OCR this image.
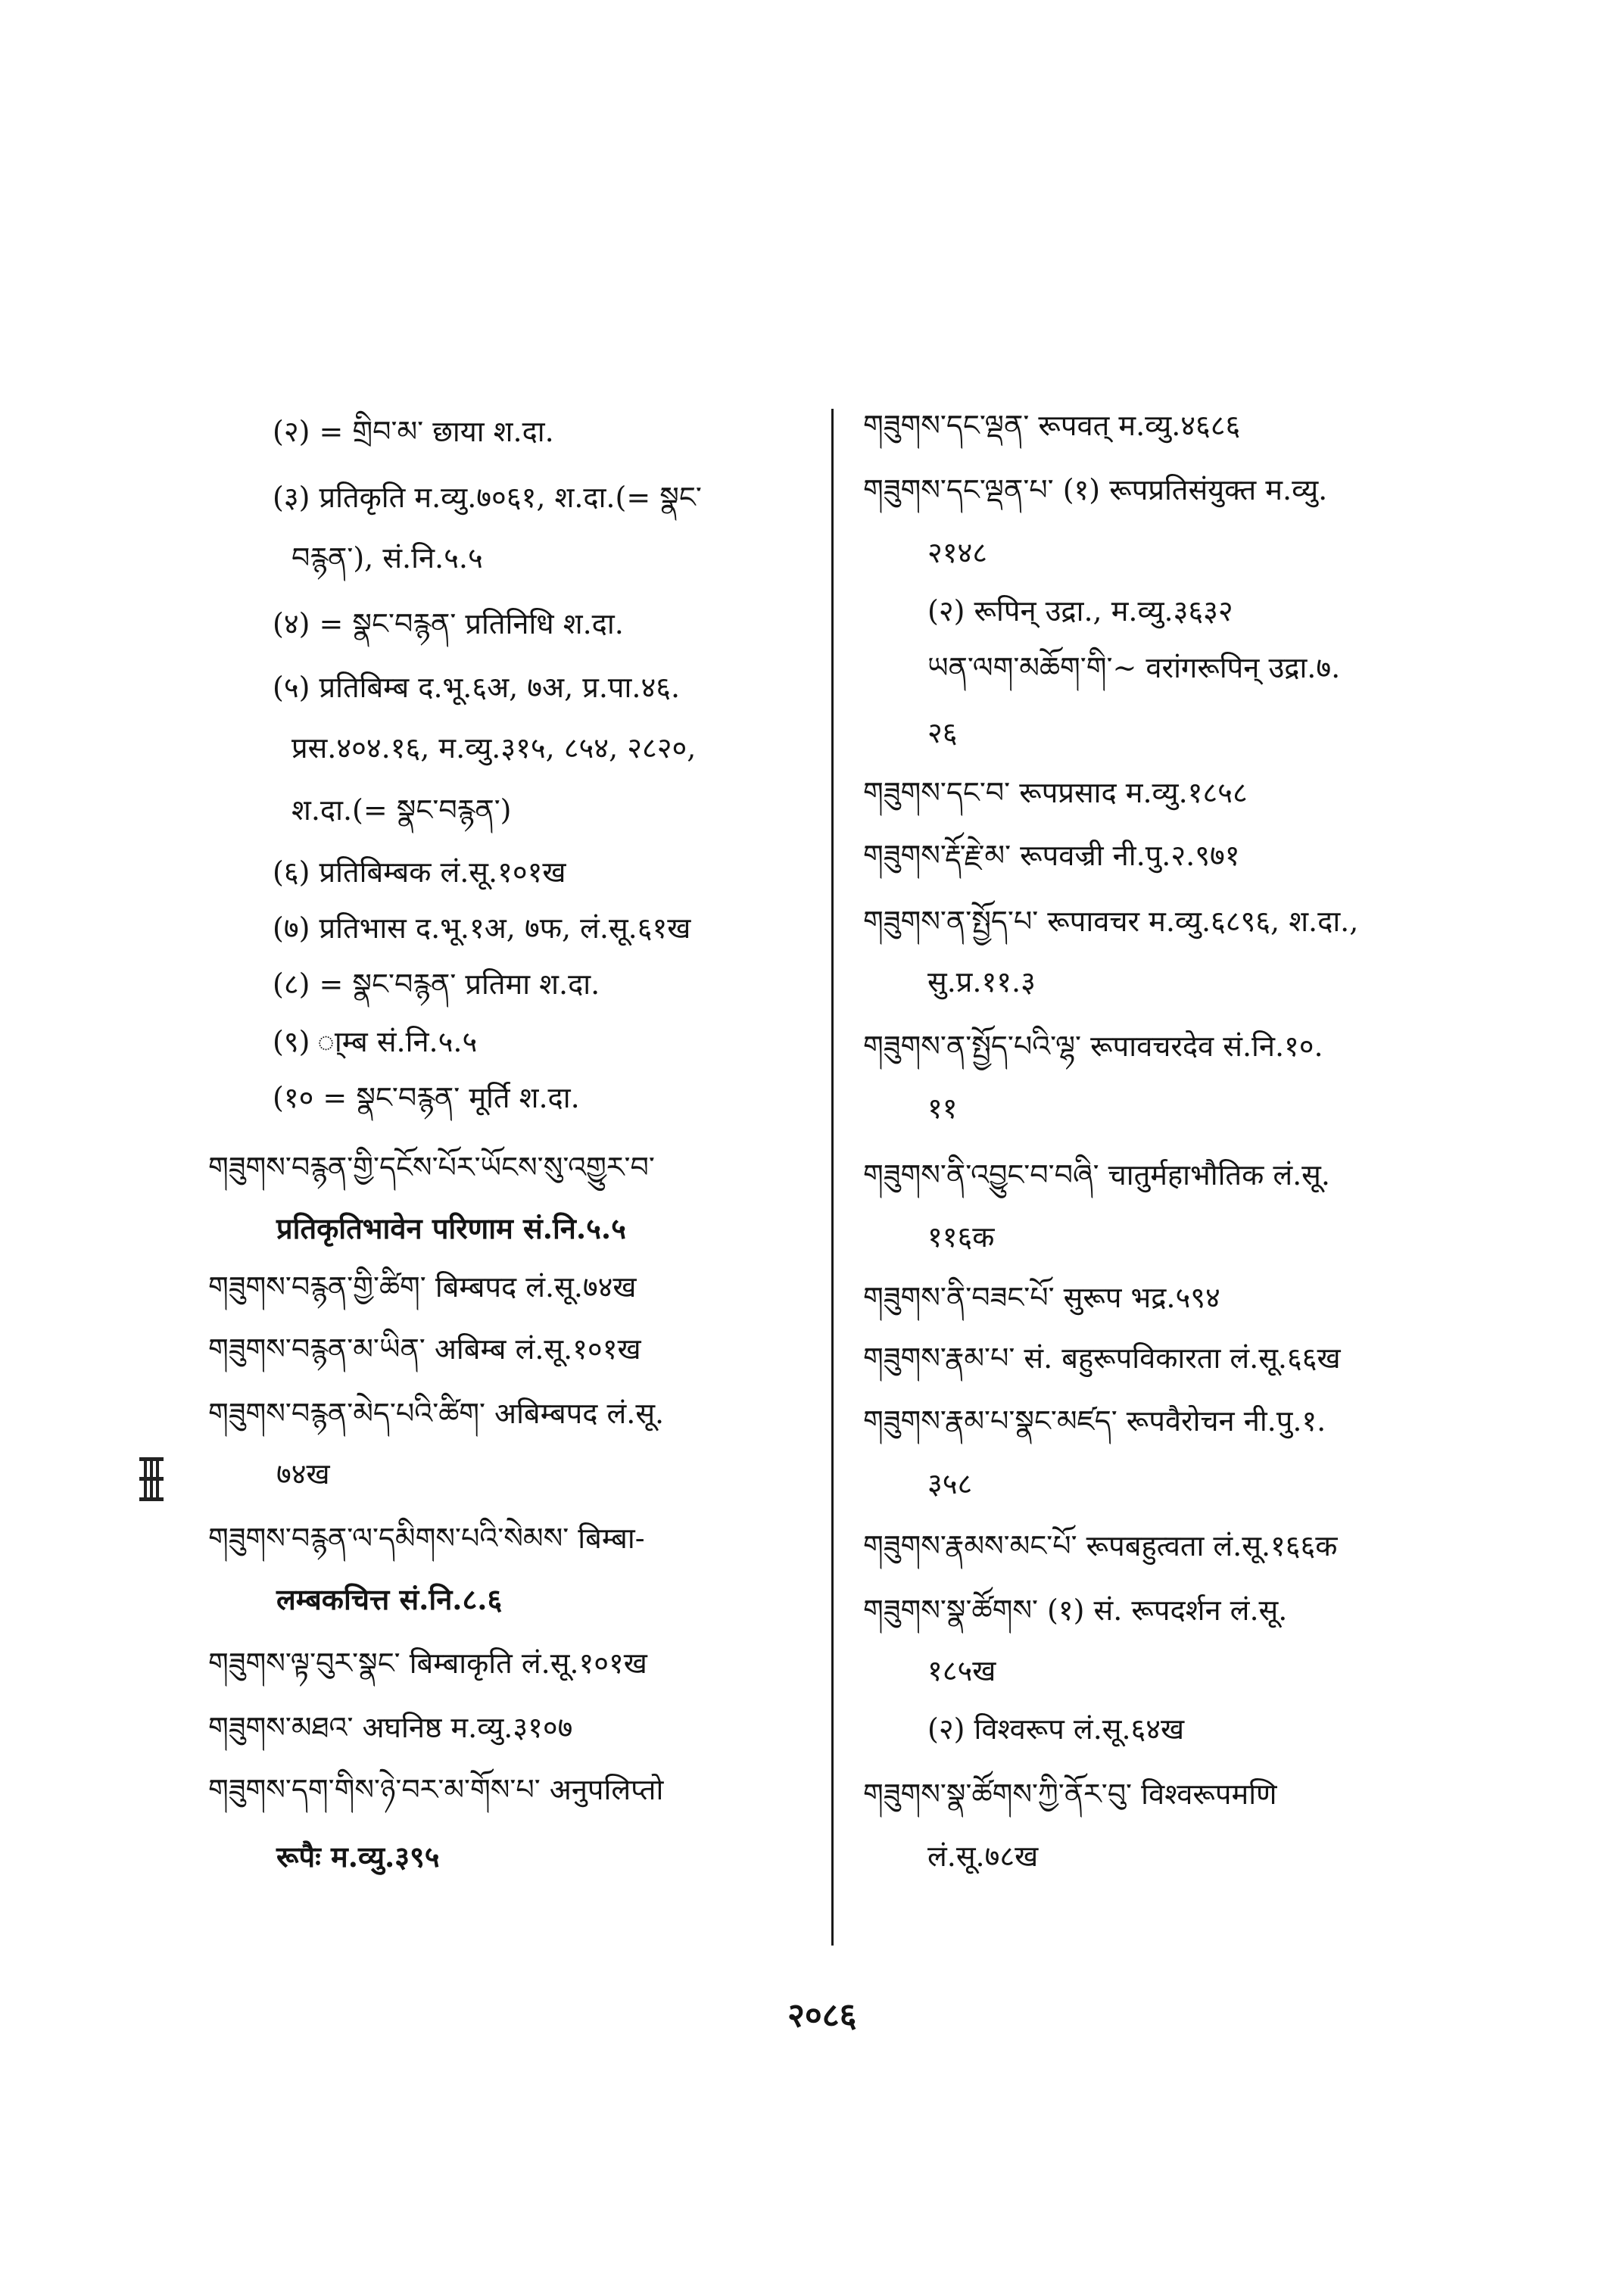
(२) = གྲིབ་མ་ छाया श.दा.
(३) प्रतिकृति म.व्यु.७०६१, श.दा.(= སྣང་
བརྙན་), सं.नि.५.५
(४) = སྣང་བརྙན་ प्रतिनिधि श.दा.
(५) प्रतिबिम्ब द.भू.६अ, ७अ, प्र.पा.४६.
प्रस.४०४.१६, म.व्यु.३१५, ८५४, २८२०,
श.दा.(= སྣང་བརྙན་)
(६) प्रतिबिम्बक लं.सू.१०१ख
(७) प्रतिभास द.भू.१अ, ७फ, लं.सू.६१ख
(८) = སྣང་བརྙན་ प्रतिमा श.दा.
(९) ा्म्ब सं.नि.५.५
(१० = སྣང་བརྙན་ मूर्ति श.दा.
གཟུགས་བརྙན་གྱི་དངོས་པོར་ཡོངས་སུ་འགྱུར་བ་
प्रतिकृतिभावेन परिणाम सं.नि.५.५
གཟུགས་བརྙན་གྱི་ཚིག་ बिम्बपद लं.सू.७४ख
གཟུགས་བརྙན་མ་ཡིན་ अबिम्ब लं.सू.१०१ख
གཟུགས་བརྙན་མེད་པའི་ཚིག་ अबिम्बपद लं.सू.
७४ख
གཟུགས་བརྙན་ལ་དམིགས་པའི་སེམས་ बिम्बा-
लम्बकचित्त सं.नि.८.६
གཟུགས་ལྟ་བུར་སྣང་ बिम्बाकृति लं.सू.१०१ख
གཟུགས་མཐའ་ अघनिष्ठ म.व्यु.३१०७
གཟུགས་དག་གིས་ཉེ་བར་མ་གོས་པ་ अनुपलिप्तो
रूपैः म.व्यु.३९५
གཟུགས་དང་ལྡན་ रूपवत् म.व्यु.४६८६
གཟུགས་དང་ལྡན་པ་ (१) रूपप्रतिसंयुक्त म.व्यु.
२१४८
(२) रूपिन् उद्रा., म.व्यु.३६३२
ཡན་ལག་མཆོག་གི་~ वरांगरूपिन् उद्रा.७.
२६
གཟུགས་དང་བ་ रूपप्रसाद म.व्यु.१८५८
གཟུགས་རྡོ་རྗེ་མ་ रूपवज्री नी.पु.२.९७१
གཟུགས་ན་སྤྱོད་པ་ रूपावचर म.व्यु.६८९६, श.दा.,
सु.प्र.११.३
གཟུགས་ན་སྤྱོད་པའི་ལྷ་ रूपावचरदेव सं.नि.१०.
११
གཟུགས་ནི་འབྱུང་བ་བཞི་ चातुर्महाभौतिक लं.सू.
११६क
གཟུགས་ནི་བཟང་པོ་ सुरूप भद्र.५९४
གཟུགས་རྣམ་པ་ सं. बहुरूपविकारता लं.सू.६६ख
གཟུགས་རྣམ་པ་སྣང་མཛད་ रूपवैरोचन नी.पु.१.
३५८
གཟུགས་རྣམས་མང་པོ་ रूपबहुत्वता लं.सू.१६६क
གཟུགས་སྣ་ཚོགས་ (१) सं. रूपदर्शन लं.सू.
१८५ख
(२) विश्वरूप लं.सू.६४ख
གཟུགས་སྣ་ཚོགས་ཀྱི་ནོར་བུ་ विश्वरूपमणि
लं.सू.७८ख
२०८६
